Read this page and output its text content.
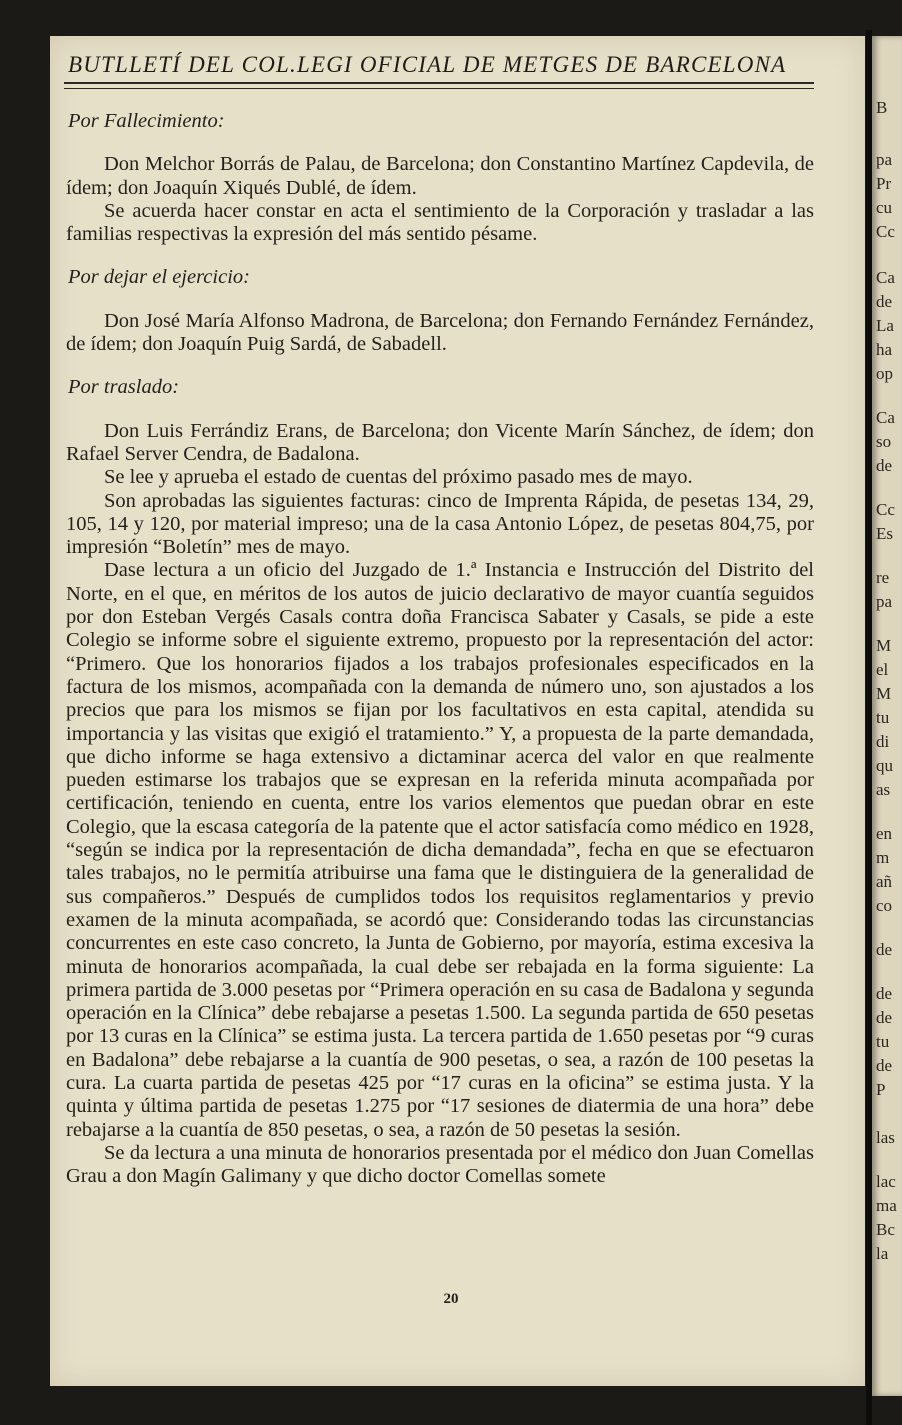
B
pa
Pr
cu
Cc
Ca
de
La
ha
op
Ca
so
de
Cc
Es
re
pa
M
el
M
tu
di
qu
as
en
m
añ
co
de
de
de
tu
de
P
las
lac
ma
Bc
la
BUTLLETÍ DEL COL.LEGI OFICIAL DE METGES DE BARCELONA
Por Fallecimiento:

Don Melchor Borrás de Palau, de Barcelona; don Constantino Martínez Capdevila, de ídem; don Joaquín Xiqués Dublé, de ídem.

Se acuerda hacer constar en acta el sentimiento de la Corporación y trasladar a las familias respectivas la expresión del más sentido pésame.

Por dejar el ejercicio:

Don José María Alfonso Madrona, de Barcelona; don Fernando Fernández Fernández, de ídem; don Joaquín Puig Sardá, de Sabadell.

Por traslado:

Don Luis Ferrándiz Erans, de Barcelona; don Vicente Marín Sánchez, de ídem; don Rafael Server Cendra, de Badalona.

Se lee y aprueba el estado de cuentas del próximo pasado mes de mayo.

Son aprobadas las siguientes facturas: cinco de Imprenta Rápida, de pesetas 134, 29, 105, 14 y 120, por material impreso; una de la casa Antonio López, de pesetas 804,75, por impresión “Boletín” mes de mayo.

Dase lectura a un oficio del Juzgado de 1.ª Instancia e Instrucción del Distrito del Norte, en el que, en méritos de los autos de juicio declarativo de mayor cuantía seguidos por don Esteban Vergés Casals contra doña Francisca Sabater y Casals, se pide a este Colegio se informe sobre el siguiente extremo, propuesto por la representación del actor: “Primero. Que los honorarios fijados a los trabajos profesionales especificados en la factura de los mismos, acompañada con la demanda de número uno, son ajustados a los precios que para los mismos se fijan por los facultativos en esta capital, atendida su importancia y las visitas que exigió el tratamiento.” Y, a propuesta de la parte demandada, que dicho informe se haga extensivo a dictaminar acerca del valor en que realmente pueden estimarse los trabajos que se expresan en la referida minuta acompañada por certificación, teniendo en cuenta, entre los varios elementos que puedan obrar en este Colegio, que la escasa categoría de la patente que el actor satisfacía como médico en 1928, “según se indica por la representación de dicha demandada”, fecha en que se efectuaron tales trabajos, no le permitía atribuirse una fama que le distinguiera de la generalidad de sus compañeros.” Después de cumplidos todos los requisitos reglamentarios y previo examen de la minuta acompañada, se acordó que: Considerando todas las circunstancias concurrentes en este caso concreto, la Junta de Gobierno, por mayoría, estima excesiva la minuta de honorarios acompañada, la cual debe ser rebajada en la forma siguiente: La primera partida de 3.000 pesetas por “Primera operación en su casa de Badalona y segunda operación en la Clínica” debe rebajarse a pesetas 1.500. La segunda partida de 650 pesetas por 13 curas en la Clínica” se estima justa. La tercera partida de 1.650 pesetas por “9 curas en Badalona” debe rebajarse a la cuantía de 900 pesetas, o sea, a razón de 100 pesetas la cura. La cuarta partida de pesetas 425 por “17 curas en la oficina” se estima justa. Y la quinta y última partida de pesetas 1.275 por “17 sesiones de diatermia de una hora” debe rebajarse a la cuantía de 850 pesetas, o sea, a razón de 50 pesetas la sesión.

Se da lectura a una minuta de honorarios presentada por el médico don Juan Comellas Grau a don Magín Galimany y que dicho doctor Comellas somete

20
